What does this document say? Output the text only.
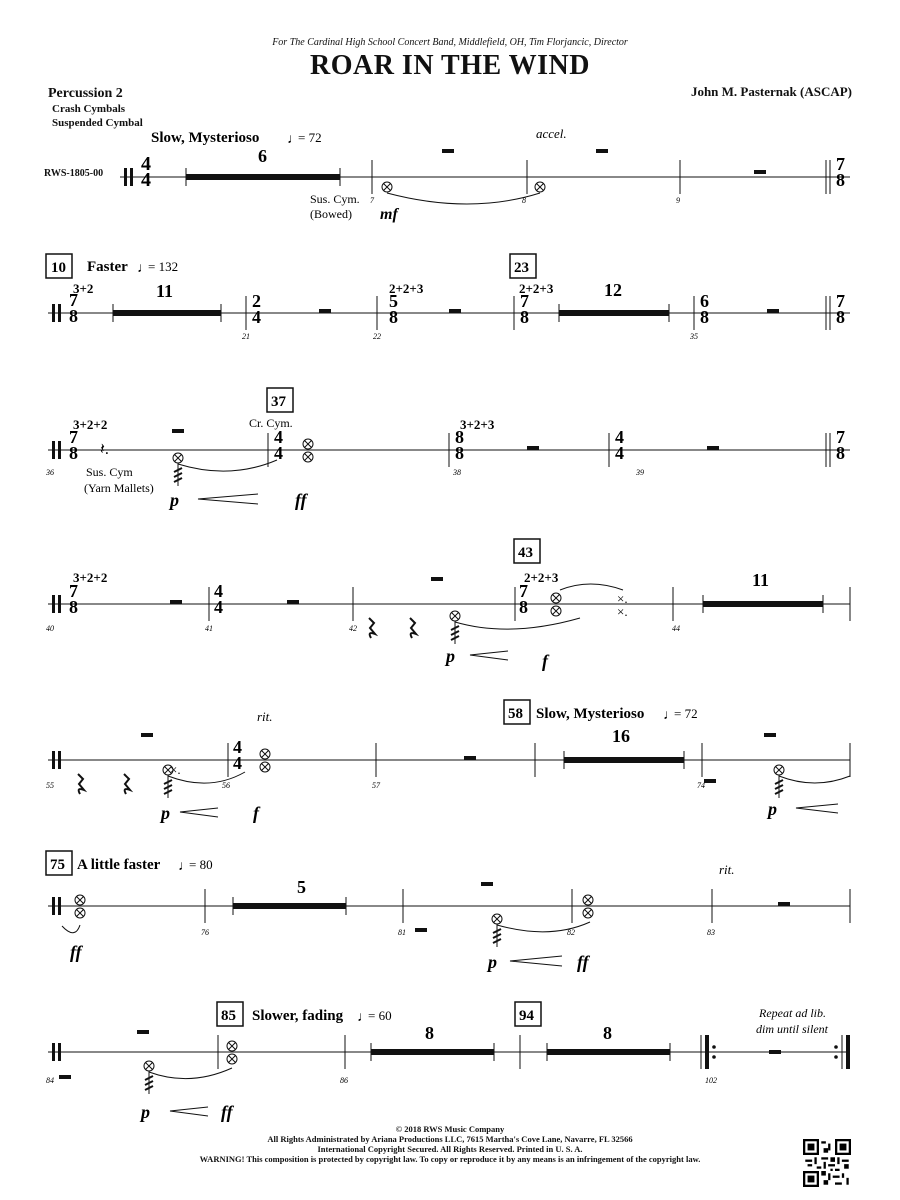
For The Cardinal High School Concert Band, Middlefield, OH, Tim Florjancic, Director
ROAR IN THE WIND
Percussion 2
Crash Cymbals
Suspended Cymbal
John M. Pasternak (ASCAP)
RWS-1805-00 4 4
6	7 8
7	8	9
Slow, Mysterioso ♩
= 72	accel.
Sus. Cym.
(Bowed) mf
7 8
11	2 4
5 8
7 8
12
6 8
7 8
21	22	35
10 Faster ♩
= 132	23
3+2	2+2+3	2+2+3
7 8 𝄽.
4 4
8 8
4 4
7 8
36	38	39
37
Cr. Cym.
3+2+2	3+2+3
Sus. Cym
(Yarn Mallets)
p	ff
7 8
4 4
7 8	×.
×.
11
40	41	42	44
3+2+2	2+2+3
43
p	f
×.
4 4
16
55	56	57	74
rit.	58 Slow, Mysterioso ♩
= 72
p	f	p
5
76	81	82	83
75 A little faster ♩
= 80	rit.
ff	p	ff
8	8
84	86	102
85 Slower, fading ♩
= 60	94	Repeat ad lib.
dim until silent
p	ff
© 2018 RWS Music Company
All Rights Administrated by Ariana Productions LLC, 7615 Martha's Cove Lane, Navarre, FL 32566
International Copyright Secured. All Rights Reserved. Printed in U. S. A.
WARNING! This composition is protected by copyright law. To copy or reproduce it by any means is an infringement of the copyright law.
